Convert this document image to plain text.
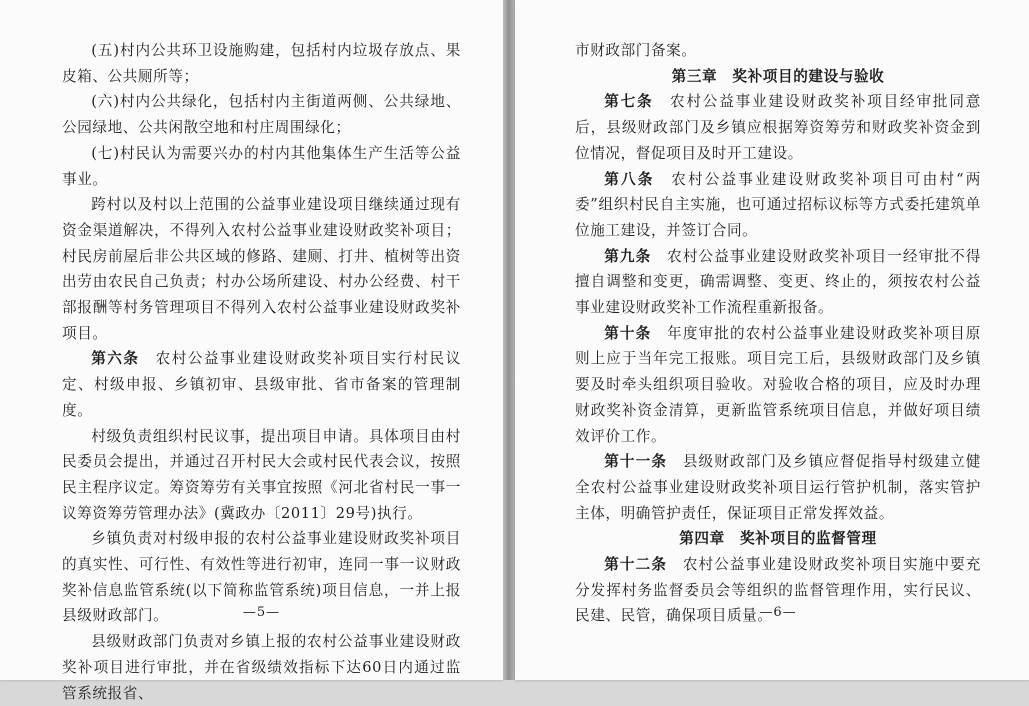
(五)村内公共环卫设施购建，包括村内垃圾存放点、果皮箱、公共厕所等；

(六)村内公共绿化，包括村内主街道两侧、公共绿地、公园绿地、公共闲散空地和村庄周围绿化；

(七)村民认为需要兴办的村内其他集体生产生活等公益事业。

跨村以及村以上范围的公益事业建设项目继续通过现有资金渠道解决，不得列入农村公益事业建设财政奖补项目；村民房前屋后非公共区域的修路、建厕、打井、植树等出资出劳由农民自己负责；村办公场所建设、村办公经费、村干部报酬等村务管理项目不得列入农村公益事业建设财政奖补项目。

第六条　 农村公益事业建设财政奖补项目实行村民议定、村级申报、乡镇初审、县级审批、省市备案的管理制度。

村级负责组织村民议事，提出项目申请。具体项目由村民委员会提出，并通过召开村民大会或村民代表会议，按照民主程序议定。筹资筹劳有关事宜按照《河北省村民一事一议筹资筹劳管理办法》(冀政办〔2011〕29号)执行。

乡镇负责对村级申报的农村公益事业建设财政奖补项目的真实性、可行性、有效性等进行初审，连同一事一议财政奖补信息监管系统(以下简称监管系统)项目信息，一并上报县级财政部门。

县级财政部门负责对乡镇上报的农村公益事业建设财政奖补项目进行审批，并在省级绩效指标下达60日内通过监管系统报省、

—5—

市财政部门备案。

第三章　奖补项目的建设与验收

第七条　 农村公益事业建设财政奖补项目经审批同意后，县级财政部门及乡镇应根据筹资筹劳和财政奖补资金到位情况，督促项目及时开工建设。

第八条　 农村公益事业建设财政奖补项目可由村“两委”组织村民自主实施，也可通过招标议标等方式委托建筑单位施工建设，并签订合同。

第九条　 农村公益事业建设财政奖补项目一经审批不得擅自调整和变更，确需调整、变更、终止的，须按农村公益事业建设财政奖补工作流程重新报备。

第十条　 年度审批的农村公益事业建设财政奖补项目原则上应于当年完工报账。项目完工后，县级财政部门及乡镇要及时牵头组织项目验收。对验收合格的项目，应及时办理财政奖补资金清算，更新监管系统项目信息，并做好项目绩效评价工作。

第十一条　 县级财政部门及乡镇应督促指导村级建立健全农村公益事业建设财政奖补项目运行管护机制，落实管护主体，明确管护责任，保证项目正常发挥效益。

第四章　奖补项目的监督管理

第十二条　 农村公益事业建设财政奖补项目实施中要充分发挥村务监督委员会等组织的监督管理作用，实行民议、民建、民管，确保项目质量。

—6—
